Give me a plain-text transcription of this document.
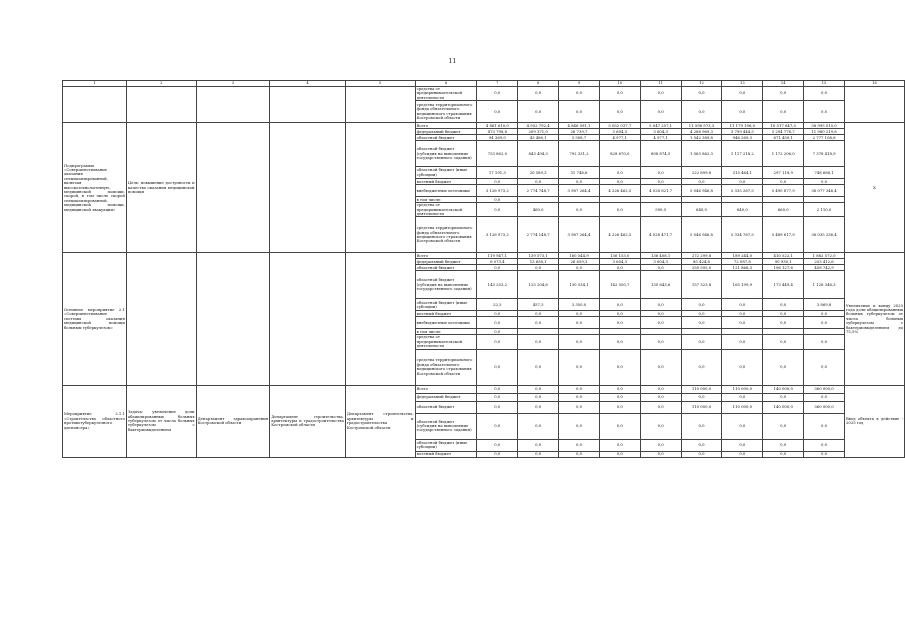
11
1	2	3	4	5	6	7	8	9	10	11	12	13	14	15	16
					средства от предпринимательской деятельности	0,0	0,0	0,0	0,0	0,0	0,0	0,0	0,0	0,0	
					средства территориального фонда обязательного медицинского страхования Костромской области	0,0	0,0	0,0	0,0	0,0	0,0	0,0	0,0	0,0	
Подпрограмма «Совершенствование оказания специализированной, включая высокотехнологичную, медицинской помощи, скорой, в том числе скорой специализированной, медицинской помощи, медицинской эвакуации»	Цель: повышение доступности и качества оказания медицинской помощи				Всего	4 861 610,0	4 952 792,4	4 846 591,1	5 052 037,7	5 047 257,1	11 598 973,3	11 179 196,0	10 517 647,5	58 995 010,0	Х
					федеральный бюджет	473 798,8	209 371,0	26 739,7	3 604,3	3 604,3	4 286 969,3	3 799 444,5	3 294 778,7	11 980 219,8	
					областной бюджет	94 369,0	43 486,1	3 508,7	4 977,1	4 977,1	1 042 389,8	946 269,3	671 450,1	2 777 108,8	
					областной бюджет (субсидия на выполнение государственного задания)	753 862,0	843 494,3	792 331,2	828 670,0	808 874,5	1 063 862,3	1 117 218,2	1 172 206,0	7 378 418,9	
					областной бюджет (иные субсидии)	17 191,3	20 589,3	31 748,6	0,0	0,0	222 899,8	315 464,1	297 118,9	748 686,1	
					местный бюджет	0,0	0,0	0,0	0,0	0,0	0,0	0,0	0,0	0,0	
					внебюджетные источники	3 126 973,2	2 774 748,7	3 987 264,4	4 226 462,5	4 028 821,7	5 046 946,8	5 335 267,5	5 490 877,9	36 077 346,4	
					в том числе:	0,0									
					средства от предпринимательской деятельности	0,0	460,0	0,0	0,0	590,0	640,0	640,0	660,0	2 110,0	
					средства территориального фонда обязательного медицинского страхования Костромской области	3 126 973,2	2 774 148,7	3 987 264,4	4 226 462,5	4 028 471,7	5 046 946,8	5 334 767,5	5 489 617,9	36 035 236,4	
Основное мероприятие 2.1 «Совершенствование системы оказания медицинской помощи больным туберкулезом»					Всего	119 947,1	139 573,1	160 544,9	136 153,0	136 408,1	272 299,8	189 244,0	410 522,1	1 882 572,0	Увеличение к концу 2025 года доли абацилированных больных туберкулезом от числа больных туберкулезом с бактериовыделением до 75,5%
					федеральный бюджет	6 073,4	13 658,1	26 659,3	3 604,3	3 604,3	85 424,8	72 087,8	90 930,1	253 412,6	
					областной бюджет	0,0	0,0	0,0	0,0	0,0	250 595,0	121 866,3	196 127,6	458 742,9	
					областной бюджет (субсидия на выполнение государственного задания)	143 253,2	125 204,6	130 534,1	142 550,7	130 843,6	157 323,8	165 199,9	173 449,4	1 128 346,3	
					областной бюджет (иные субсидии)	22,5	457,3	3 350,0	0,0	0,0	0,0	0,0	0,0	3 869,8	
					местный бюджет	0,0	0,0	0,0	0,0	0,0	0,0	0,0	0,0	0,0	
					внебюджетные источники	0,0	0,0	0,0	0,0	0,0	0,0	0,0	0,0	0,0	
					в том числе:	0,0									
					средства от предпринимательской деятельности	0,0	0,0	0,0	0,0	0,0	0,0	0,0	0,0	0,0	
					средства территориального фонда обязательного медицинского страхования Костромской области	0,0	0,0	0,0	0,0	0,0	0,0	0,0	0,0	0,0	
Мероприятие 2.1.1 «Строительство областного противотуберкулезного диспансера»	Задача: увеличение доли абацилированных больных туберкулезом от числа больных туберкулезом с бактериовыделением	Департамент здравоохранения Костромской области	Департамент строительства, архитектуры и градостроительства Костромской области	Департамент строительства, архитектуры и градостроительства Костромской области	Всего	0,0	0,0	0,0	0,0	0,0	110 000,0	110 000,0	140 000,0	360 000,0	Ввод объекта в действие - 2025 год
					федеральный бюджет	0,0	0,0	0,0	0,0	0,0	0,0	0,0	0,0	0,0	
					областной бюджет	0,0	0,0	0,0	0,0	0,0	110 000,0	110 000,0	140 000,0	360 000,0	
					областной бюджет (субсидия на выполнение государственного задания)	0,0	0,0	0,0	0,0	0,0	0,0	0,0	0,0	0,0	
					областной бюджет (иные субсидии)	0,0	0,0	0,0	0,0	0,0	0,0	0,0	0,0	0,0	
					местный бюджет	0,0	0,0	0,0	0,0	0,0	0,0	0,0	0,0	0,0	
